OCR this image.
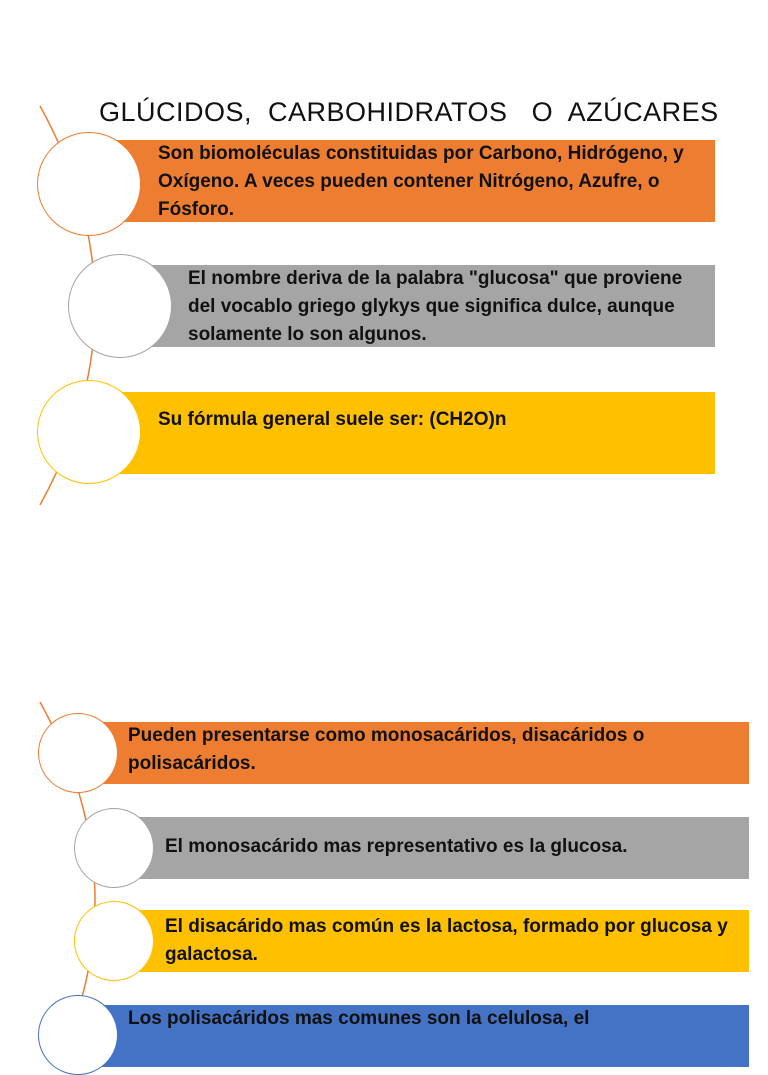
GLÚCIDOS,  CARBOHIDRATOS   O  AZÚCARES
Son biomoléculas constituidas por Carbono, Hidrógeno, y Oxígeno. A veces pueden contener Nitrógeno, Azufre, o Fósforo.
El nombre deriva de la palabra "glucosa" que proviene del vocablo griego glykys que significa dulce, aunque solamente lo son algunos.
Su fórmula general suele ser: (CH2O)n
Pueden presentarse como monosacáridos, disacáridos o polisacáridos.
El monosacárido mas representativo es la glucosa.
El disacárido mas común es la lactosa, formado por glucosa y galactosa.
Los polisacáridos mas comunes son la celulosa, el
